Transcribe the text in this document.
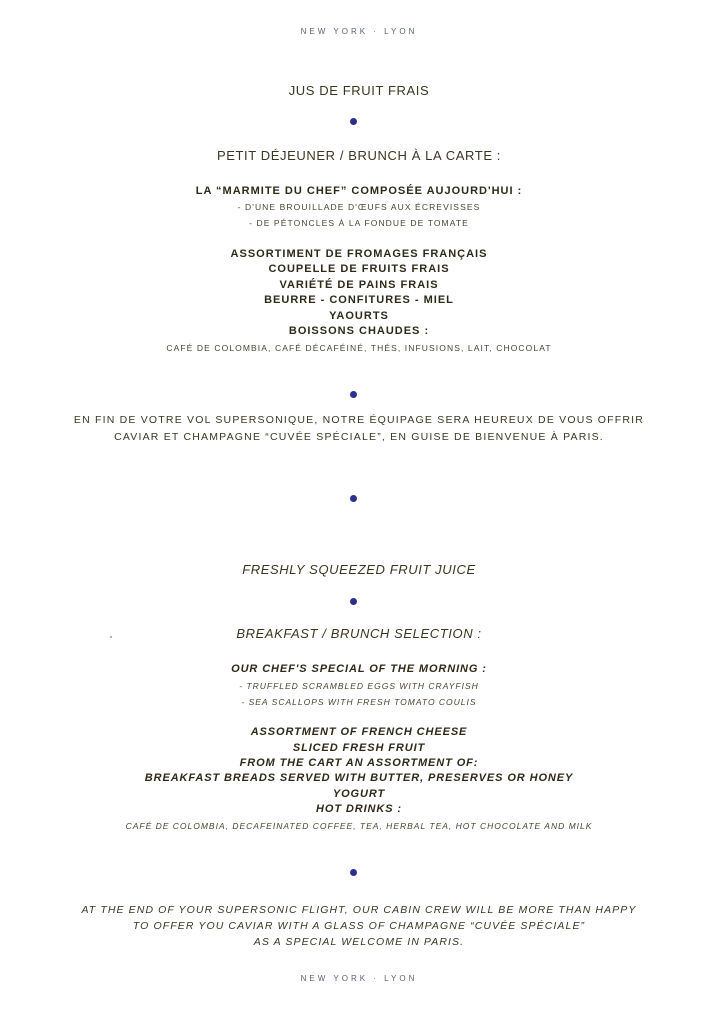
NEW YORK · LYON
JUS DE FRUIT FRAIS
PETIT DÉJEUNER / BRUNCH À LA CARTE :
LA “MARMITE DU CHEF” COMPOSÉE AUJOURD'HUI :
- D'UNE BROUILLADE D'ŒUFS AUX ÉCREVISSES
- DE PÉTONCLES À LA FONDUE DE TOMATE
ASSORTIMENT DE FROMAGES FRANÇAIS
COUPELLE DE FRUITS FRAIS
VARIÉTÉ DE PAINS FRAIS
BEURRE - CONFITURES - MIEL
YAOURTS
BOISSONS CHAUDES :
CAFÉ DE COLOMBIA, CAFÉ DÉCAFÉINÉ, THÉS, INFUSIONS, LAIT, CHOCOLAT
EN FIN DE VOTRE VOL SUPERSONIQUE, NOTRE ÉQUIPAGE SERA HEUREUX DE VOUS OFFRIR
CAVIAR ET CHAMPAGNE “CUVÉE SPÉCIALE”, EN GUISE DE BIENVENUE À PARIS.
FRESHLY SQUEEZED FRUIT JUICE
BREAKFAST / BRUNCH SELECTION :
OUR CHEF'S SPECIAL OF THE MORNING :
- TRUFFLED SCRAMBLED EGGS WITH CRAYFISH
- SEA SCALLOPS WITH FRESH TOMATO COULIS
ASSORTMENT OF FRENCH CHEESE
SLICED FRESH FRUIT
FROM THE CART AN ASSORTMENT OF:
BREAKFAST BREADS SERVED WITH BUTTER, PRESERVES OR HONEY
YOGURT
HOT DRINKS :
CAFÉ DE COLOMBIA, DECAFEINATED COFFEE, TEA, HERBAL TEA, HOT CHOCOLATE AND MILK
AT THE END OF YOUR SUPERSONIC FLIGHT, OUR CABIN CREW WILL BE MORE THAN HAPPY
TO OFFER YOU CAVIAR WITH A GLASS OF CHAMPAGNE “CUVÉE SPÉCIALE”
AS A SPECIAL WELCOME IN PARIS.
NEW YORK · LYON
